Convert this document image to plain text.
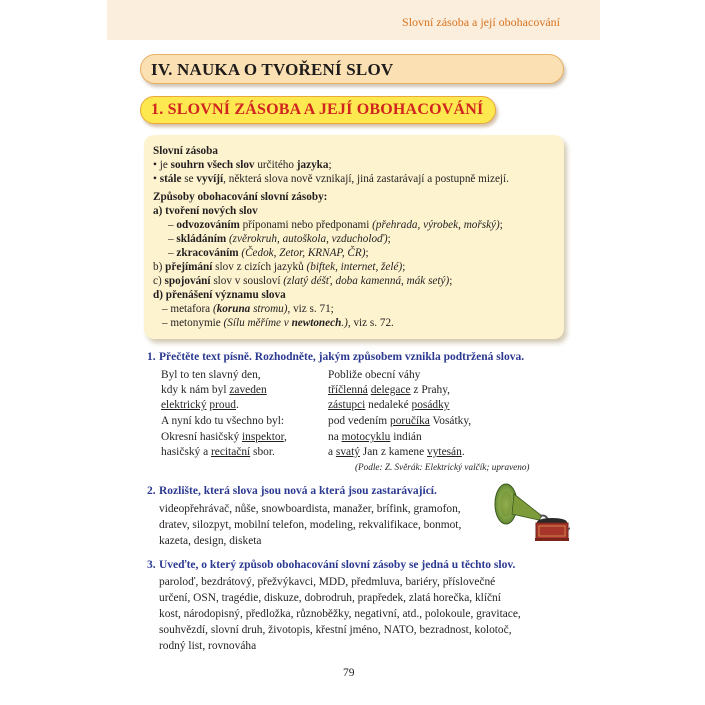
Slovní zásoba a její obohacování
IV. NAUKA O TVOŘENÍ SLOV
1. SLOVNÍ ZÁSOBA A JEJÍ OBOHACOVÁNÍ
Slovní zásoba
• je souhrn všech slov určitého jazyka;
• stále se vyvíjí, některá slova nově vznikají, jiná zastarávají a postupně mizejí.
Způsoby obohacování slovní zásoby:
a) tvoření nových slov
– odvozováním příponami nebo předponami (přehrada, výrobek, mořský);
– skládáním (zvěrokruh, autoškola, vzducholoď);
– zkracováním (Čedok, Zetor, KRNAP, ČR);
b) přejímání slov z cizích jazyků (biftek, internet, želé);
c) spojování slov v sousloví (zlatý déšť, doba kamenná, mák setý);
d) přenášení významu slova
– metafora (koruna stromu), viz s. 71;
– metonymie (Sílu měříme v newtonech.), viz s. 72.
1. Přečtěte text písně. Rozhodněte, jakým způsobem vznikla podtržená slova.
Byl to ten slavný den,
kdy k nám byl zaveden
elektrický proud.
A nyní kdo tu všechno byl:
Okresní hasičský inspektor,
hasičský a recitační sbor.
Pobliže obecní váhy
tříčlenná delegace z Prahy,
zástupci nedaleké posádky
pod vedením poručíka Vosátky,
na motocyklu indián
a svatý Jan z kamene vytesán.
(Podle: Z. Svěrák: Elektrický valčík; upraveno)
2. Rozlište, která slova jsou nová a která jsou zastarávající.
videopřehrávač, nůše, snowboardista, manažer, brífink, gramofon,
dratev, silozpyt, mobilní telefon, modeling, rekvalifikace, bonmot,
kazeta, design, disketa
3. Uveďte, o který způsob obohacování slovní zásoby se jedná u těchto slov.
paroloď, bezdrátový, přežvýkavci, MDD, předmluva, bariéry, příslovečné
určení, OSN, tragédie, diskuze, dobrodruh, prapředek, zlatá horečka, klíční
kost, národopisný, předložka, různoběžky, negativní, atd., polokoule, gravitace,
souhvězdí, slovní druh, životopis, křestní jméno, NATO, bezradnost, kolotoč,
rodný list, rovnováha
79
